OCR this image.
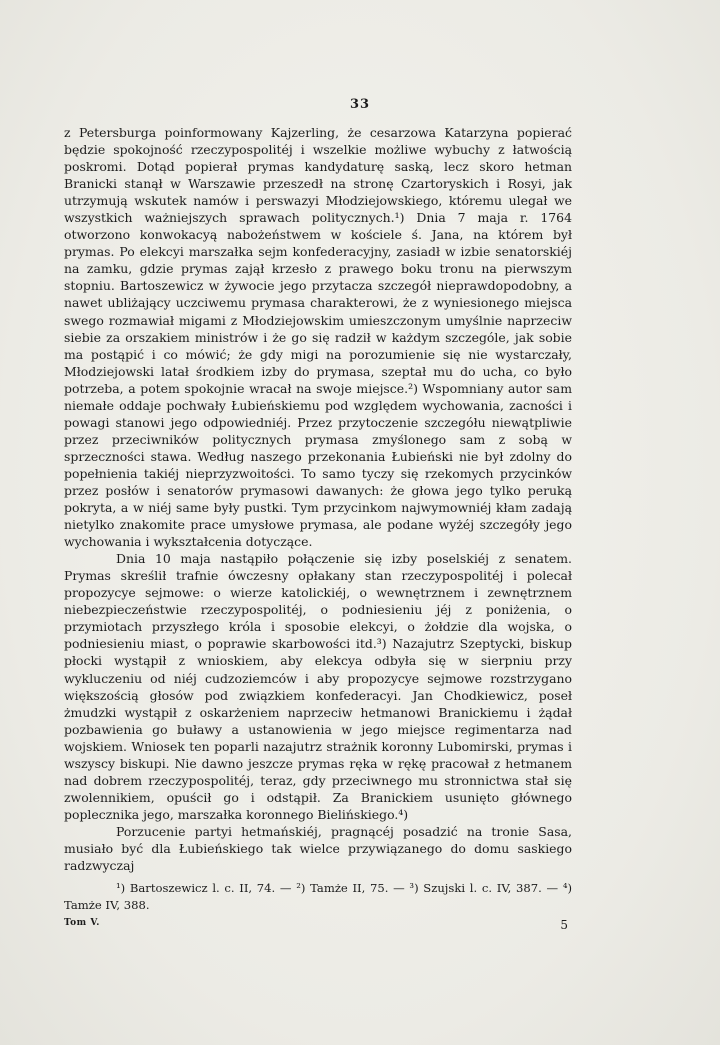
33

z Petersburga poinformowany Kajzerling, że cesarzowa Katarzyna popierać będzie spokojność rzeczypospolitéj i wszelkie możliwe wybuchy z łatwością poskromi. Dotąd popierał prymas kandydaturę saską, lecz skoro hetman Branicki stanął w Warszawie przeszedł na stronę Czartoryskich i Rosyi, jak utrzymują wskutek namów i perswazyi Młodziejowskiego, któremu ulegał we wszystkich ważniejszych sprawach politycznych.¹) Dnia 7 maja r. 1764 otworzono konwokacyą nabożeństwem w kościele ś. Jana, na którem był prymas. Po elekcyi marszałka sejm konfederacyjny, zasiadł w izbie senatorskiéj na zamku, gdzie prymas zajął krzesło z prawego boku tronu na pierwszym stopniu. Bartoszewicz w żywocie jego przytacza szczegół nieprawdopodobny, a nawet ubliżający uczciwemu prymasa charakterowi, że z wyniesionego miejsca swego rozmawiał migami z Młodziejowskim umieszczonym umyślnie naprzeciw siebie za orszakiem ministrów i że go się radził w każdym szczególe, jak sobie ma postąpić i co mówić; że gdy migi na porozumienie się nie wystarczały, Młodziejowski latał środkiem izby do prymasa, szeptał mu do ucha, co było potrzeba, a potem spokojnie wracał na swoje miejsce.²) Wspomniany autor sam niemałe oddaje pochwały Łubieńskiemu pod względem wychowania, zacności i powagi stanowi jego odpowiedniéj. Przez przytoczenie szczegółu niewątpliwie przez przeciwników politycznych prymasa zmyślonego sam z sobą w sprzeczności stawa. Według naszego przekonania Łubieński nie był zdolny do popełnienia takiéj nieprzyzwoitości. To samo tyczy się rzekomych przycinków przez posłów i senatorów prymasowi dawanych: że głowa jego tylko peruką pokryta, a w niéj same były pustki. Tym przycinkom najwymowniéj kłam zadają nietylko znakomite prace umysłowe prymasa, ale podane wyżéj szczegóły jego wychowania i wykształcenia dotyczące.

Dnia 10 maja nastąpiło połączenie się izby poselskiéj z senatem. Prymas skreślił trafnie ówczesny opłakany stan rzeczypospolitéj i polecał propozycye sejmowe: o wierze katolickiéj, o wewnętrznem i zewnętrznem niebezpieczeństwie rzeczypospolitéj, o podniesieniu jéj z poniżenia, o przymiotach przyszłego króla i sposobie elekcyi, o żołdzie dla wojska, o podniesieniu miast, o poprawie skarbowości itd.³) Nazajutrz Szeptycki, biskup płocki wystąpił z wnioskiem, aby elekcya odbyła się w sierpniu przy wykluczeniu od niéj cudzoziemców i aby propozycye sejmowe rozstrzygano większością głosów pod związkiem konfederacyi. Jan Chodkiewicz, poseł żmudzki wystąpił z oskarżeniem naprzeciw hetmanowi Branickiemu i żądał pozbawienia go buławy a ustanowienia w jego miejsce regimentarza nad wojskiem. Wniosek ten poparli nazajutrz strażnik koronny Lubomirski, prymas i wszyscy biskupi. Nie dawno jeszcze prymas ręka w rękę pracował z hetmanem nad dobrem rzeczypospolitéj, teraz, gdy przeciwnego mu stronnictwa stał się zwolennikiem, opuścił go i odstąpił. Za Branickiem usunięto głównego poplecznika jego, marszałka koronnego Bielińskiego.⁴)

Porzucenie partyi hetmańskiéj, pragnącéj posadzić na tronie Sasa, musiało być dla Łubieńskiego tak wielce przywiązanego do domu saskiego radzwyczaj

¹) Bartoszewicz l. c. II, 74. — ²) Tamże II, 75. — ³) Szujski l. c. IV, 387. — ⁴) Tamże IV, 388.

Tom V.	5
